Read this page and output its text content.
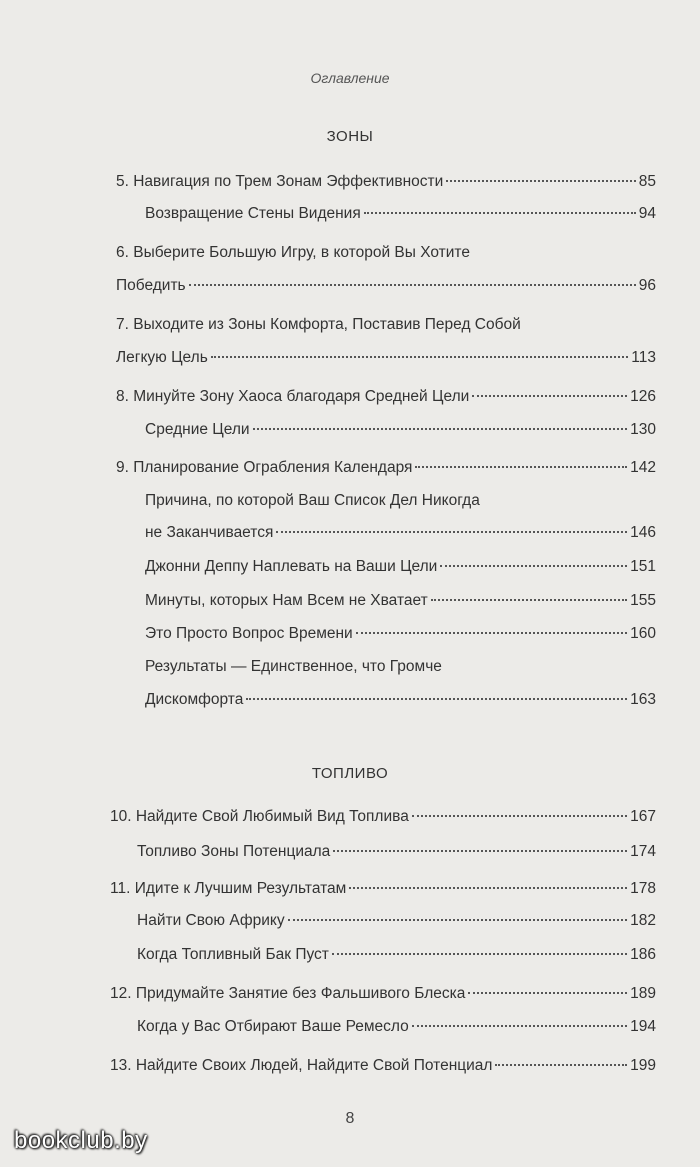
Оглавление
ЗОНЫ
ТОПЛИВО
5. Навигация по Трем Зонам Эффективности	85
Возвращение Стены Видения	94
6. Выберите Большую Игру, в которой Вы Хотите
Победить	96
7. Выходите из Зоны Комфорта, Поставив Перед Собой
Легкую Цель	113
8. Минуйте Зону Хаоса благодаря Средней Цели	126
Средние Цели	130
9. Планирование Ограбления Календаря	142
Причина, по которой Ваш Список Дел Никогда
не Заканчивается	146
Джонни Деппу Наплевать на Ваши Цели	151
Минуты, которых Нам Всем не Хватает	155
Это Просто Вопрос Времени	160
Результаты — Единственное, что Громче
Дискомфорта	163
10. Найдите Свой Любимый Вид Топлива	167
Топливо Зоны Потенциала	174
11. Идите к Лучшим Результатам	178
Найти Свою Африку	182
Когда Топливный Бак Пуст	186
12. Придумайте Занятие без Фальшивого Блеска	189
Когда у Вас Отбирают Ваше Ремесло	194
13. Найдите Своих Людей, Найдите Свой Потенциал	199
8
bookclub.by
